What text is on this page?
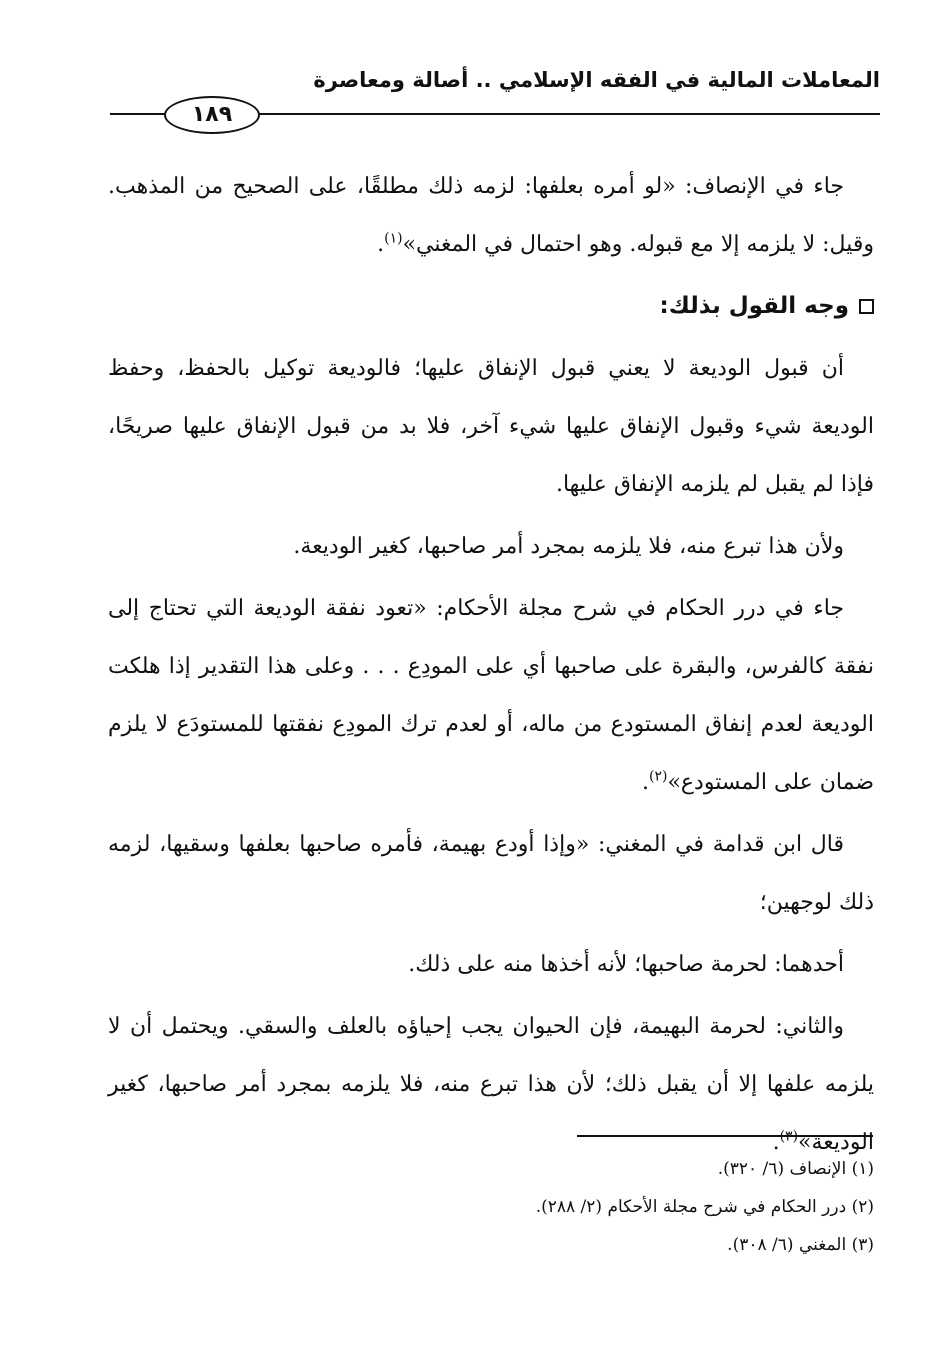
المعاملات المالية في الفقه الإسلامي .. أصالة ومعاصرة
١٨٩

جاء في الإنصاف: «لو أمره بعلفها: لزمه ذلك مطلقًا، على الصحيح من المذهب. وقيل: لا يلزمه إلا مع قبوله. وهو احتمال في المغني»$^{(١)}$.

وجه القول بذلك:

أن قبول الوديعة لا يعني قبول الإنفاق عليها؛ فالوديعة توكيل بالحفظ، وحفظ الوديعة شيء وقبول الإنفاق عليها شيء آخر، فلا بد من قبول الإنفاق عليها صريحًا، فإذا لم يقبل لم يلزمه الإنفاق عليها.

ولأن هذا تبرع منه، فلا يلزمه بمجرد أمر صاحبها، كغير الوديعة.

جاء في درر الحكام في شرح مجلة الأحكام: «تعود نفقة الوديعة التي تحتاج إلى نفقة كالفرس، والبقرة على صاحبها أي على المودِع . . . وعلى هذا التقدير إذا هلكت الوديعة لعدم إنفاق المستودع من ماله، أو لعدم ترك المودِع نفقتها للمستودَع لا يلزم ضمان على المستودع»$^{(٢)}$.

قال ابن قدامة في المغني: «وإذا أودع بهيمة، فأمره صاحبها بعلفها وسقيها، لزمه ذلك لوجهين؛

أحدهما: لحرمة صاحبها؛ لأنه أخذها منه على ذلك.

والثاني: لحرمة البهيمة، فإن الحيوان يجب إحياؤه بالعلف والسقي. ويحتمل أن لا يلزمه علفها إلا أن يقبل ذلك؛ لأن هذا تبرع منه، فلا يلزمه بمجرد أمر صاحبها، كغير الوديعة»$^{(٣)}$.

(١) الإنصاف (٦/ ٣٢٠).
(٢) درر الحكام في شرح مجلة الأحكام (٢/ ٢٨٨).
(٣) المغني (٦/ ٣٠٨).
